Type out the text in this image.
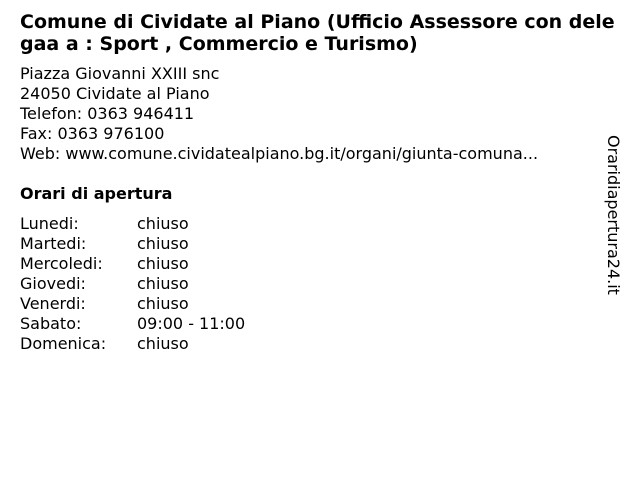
Comune di Cividate al Piano (Ufficio Assessore con delegaa a : Sport , Commercio e Turismo)
Piazza Giovanni XXIII snc
24050 Cividate al Piano
Telefon: 0363 946411
Fax: 0363 976100
Web: www.comune.cividatealpiano.bg.it/organi/giunta-comuna...
Orari di apertura
Lunedi:	chiuso
Martedi:	chiuso
Mercoledi:	chiuso
Giovedi:	chiuso
Venerdi:	chiuso
Sabato:	09:00 - 11:00
Domenica:	chiuso
Oraridiapertura24.it
